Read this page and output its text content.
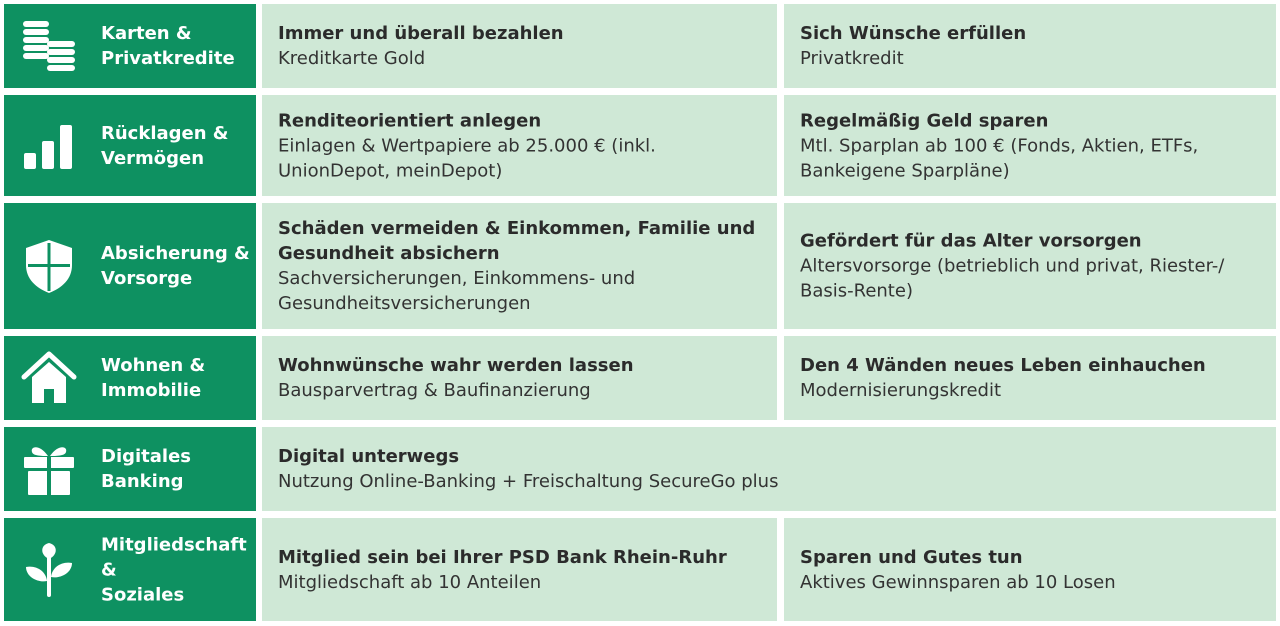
Karten &
Privatkredite
Immer und überall bezahlen
Kreditkarte Gold
Sich Wünsche erfüllen
Privatkredit
Rücklagen &
Vermögen
Renditeorientiert anlegen
Einlagen & Wertpapiere ab 25.000 € (inkl. UnionDepot, meinDepot)
Regelmäßig Geld sparen
Mtl. Sparplan ab 100 € (Fonds, Aktien, ETFs, Bankeigene Sparpläne)
Absicherung &
Vorsorge
Schäden vermeiden & Einkommen, Familie und Gesundheit absichern
Sachversicherungen, Einkommens- und Gesundheitsversicherungen
Gefördert für das Alter vorsorgen
Altersvorsorge (betrieblich und privat, Riester-/ Basis-Rente)
Wohnen &
Immobilie
Wohnwünsche wahr werden lassen
Bausparvertrag & Baufinanzierung
Den 4 Wänden neues Leben einhauchen
Modernisierungskredit
Digitales
Banking
Digital unterwegs
Nutzung Online-Banking + Freischaltung SecureGo plus
Mitgliedschaft
&
Soziales
Mitglied sein bei Ihrer PSD Bank Rhein-Ruhr
Mitgliedschaft ab 10 Anteilen
Sparen und Gutes tun
Aktives Gewinnsparen ab 10 Losen
